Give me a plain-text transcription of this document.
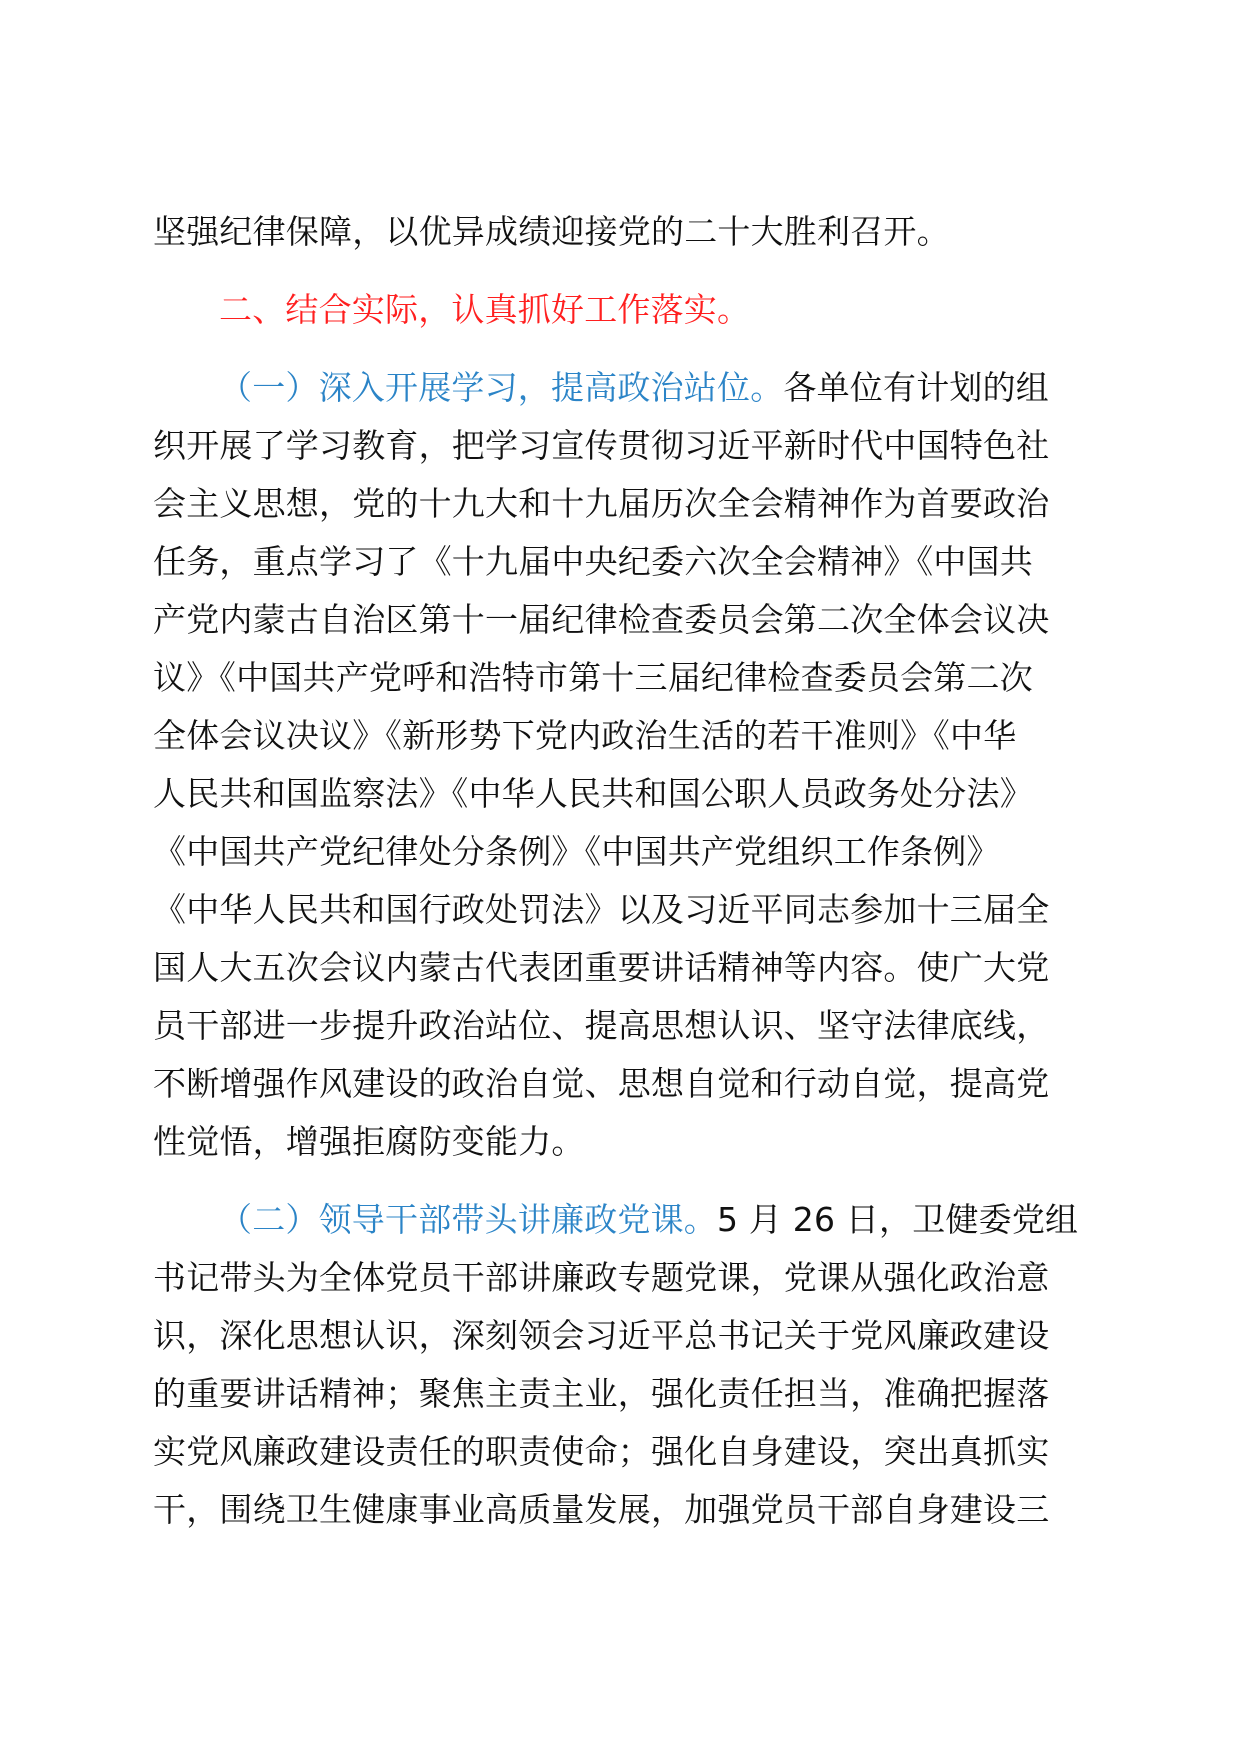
坚强纪律保障，以优异成绩迎接党的二十大胜利召开。
二、结合实际，认真抓好工作落实。
（一）深入开展学习，提高政治站位。各单位有计划的组
织开展了学习教育，把学习宣传贯彻习近平新时代中国特色社
会主义思想，党的十九大和十九届历次全会精神作为首要政治
任务，重点学习了《十九届中央纪委六次全会精神》《中国共
产党内蒙古自治区第十一届纪律检查委员会第二次全体会议决
议》《中国共产党呼和浩特市第十三届纪律检查委员会第二次
全体会议决议》《新形势下党内政治生活的若干准则》《中华
人民共和国监察法》《中华人民共和国公职人员政务处分法》
《中国共产党纪律处分条例》《中国共产党组织工作条例》
《中华人民共和国行政处罚法》以及习近平同志参加十三届全
国人大五次会议内蒙古代表团重要讲话精神等内容。使广大党
员干部进一步提升政治站位、提高思想认识、坚守法律底线，
不断增强作风建设的政治自觉、思想自觉和行动自觉，提高党
性觉悟，增强拒腐防变能力。
（二）领导干部带头讲廉政党课。5 月 26 日，卫健委党组
书记带头为全体党员干部讲廉政专题党课，党课从强化政治意
识，深化思想认识，深刻领会习近平总书记关于党风廉政建设
的重要讲话精神；聚焦主责主业，强化责任担当，准确把握落
实党风廉政建设责任的职责使命；强化自身建设，突出真抓实
干，围绕卫生健康事业高质量发展，加强党员干部自身建设三
